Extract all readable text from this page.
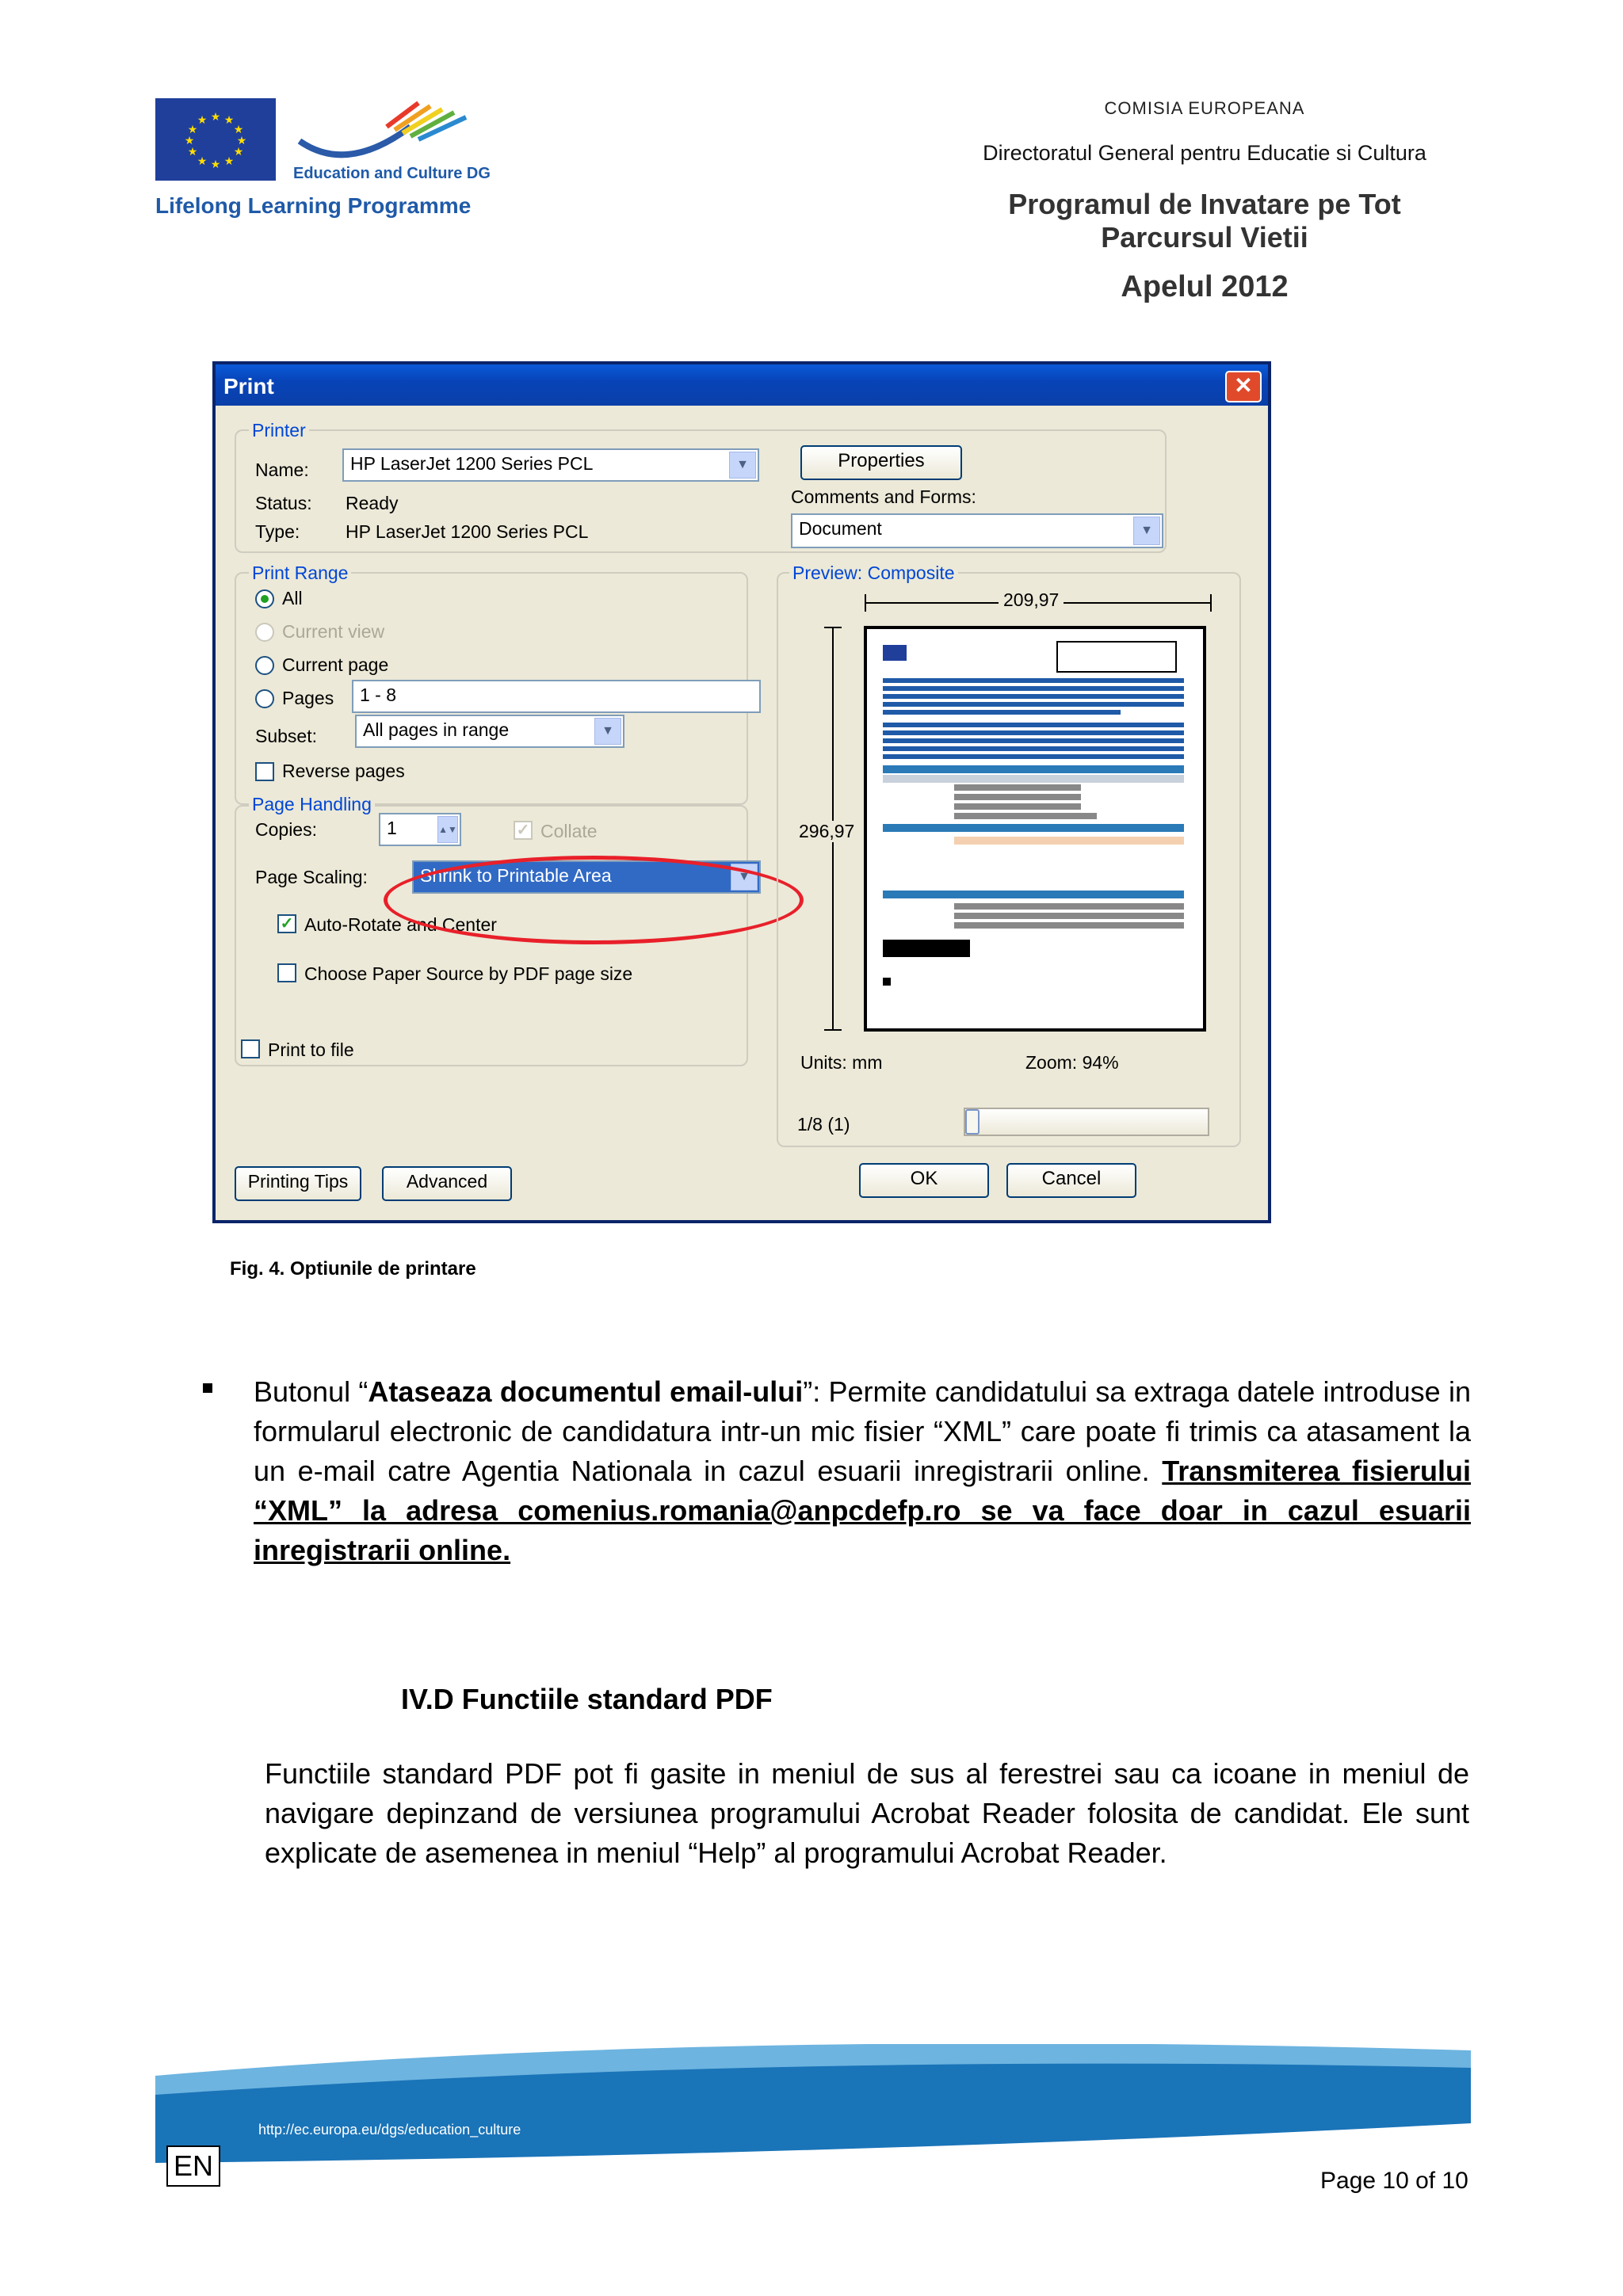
★ ★
★
★
★
★
★
★
★
★
★
★
Education and Culture DG
Lifelong Learning Programme
COMISIA EUROPEANA
Directoratul General pentru Educatie si Cultura
Programul de Invatare pe Tot
Parcursul Vietii
Apelul 2012
Print	✕
Printer
Name:	HP LaserJet 1200 Series PCL	▼
Status: Ready
Type:	HP LaserJet 1200 Series PCL
Properties
Comments and Forms:
Document	▼
Print Range
All
Current view
Current page
Pages	1 - 8
Subset:	All pages in range	▼
Reverse pages
Page Handling
Copies:	1	▲▼	✓ Collate
Page Scaling:	Shrink to Printable Area	▼
✓ Auto-Rotate and Center
Choose Paper Source by PDF page size
Print to file
Preview: Composite
209,97
296,97
Units: mm	Zoom: 94%
1/8 (1)
Printing Tips	Advanced	OK	Cancel
Fig. 4. Optiunile de printare
Butonul “Ataseaza documentul email-ului”: Permite candidatului sa extraga datele introduse in formularul electronic de candidatura intr-un mic fisier “XML” care poate fi trimis ca atasament la un e-mail catre Agentia Nationala in cazul esuarii inregistrarii online. Transmiterea fisierului “XML” la adresa comenius.romania@anpcdefp.ro se va face doar in cazul esuarii inregistrarii online.
IV.D Functiile standard PDF
Functiile standard PDF pot fi gasite in meniul de sus al ferestrei sau ca icoane in meniul de navigare depinzand de versiunea programului Acrobat Reader folosita de candidat. Ele sunt explicate de asemenea in meniul “Help” al programului Acrobat Reader.
http://ec.europa.eu/dgs/education_culture
EN	Page 10 of 10
